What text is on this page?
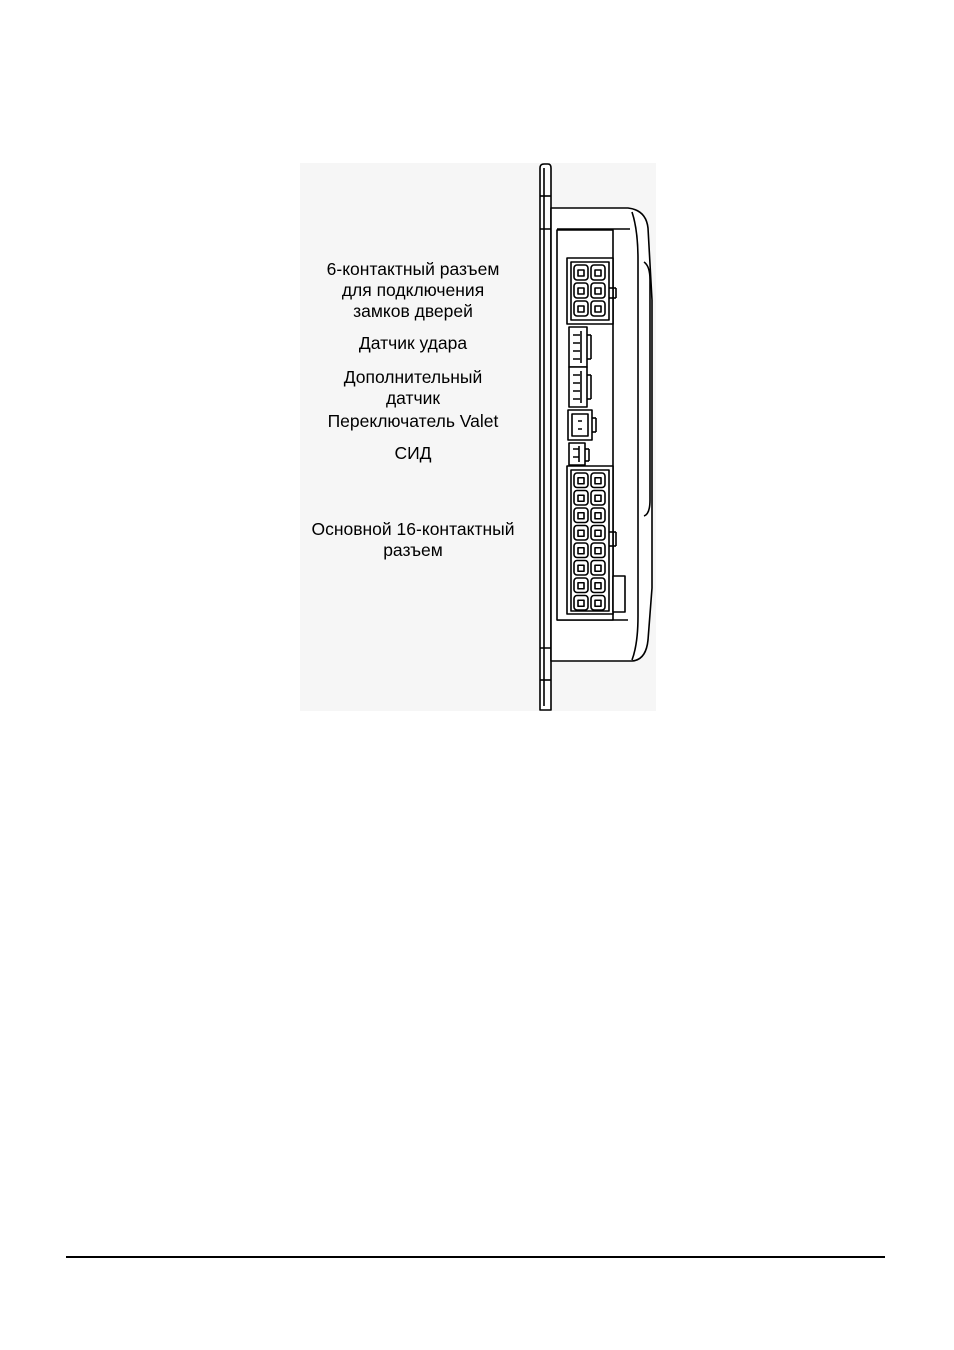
6-контактный разъем
для подключения
замков дверей
Датчик удара
Дополнительный
датчик
Переключатель Valet
СИД
Основной 16-контактный
разъем
